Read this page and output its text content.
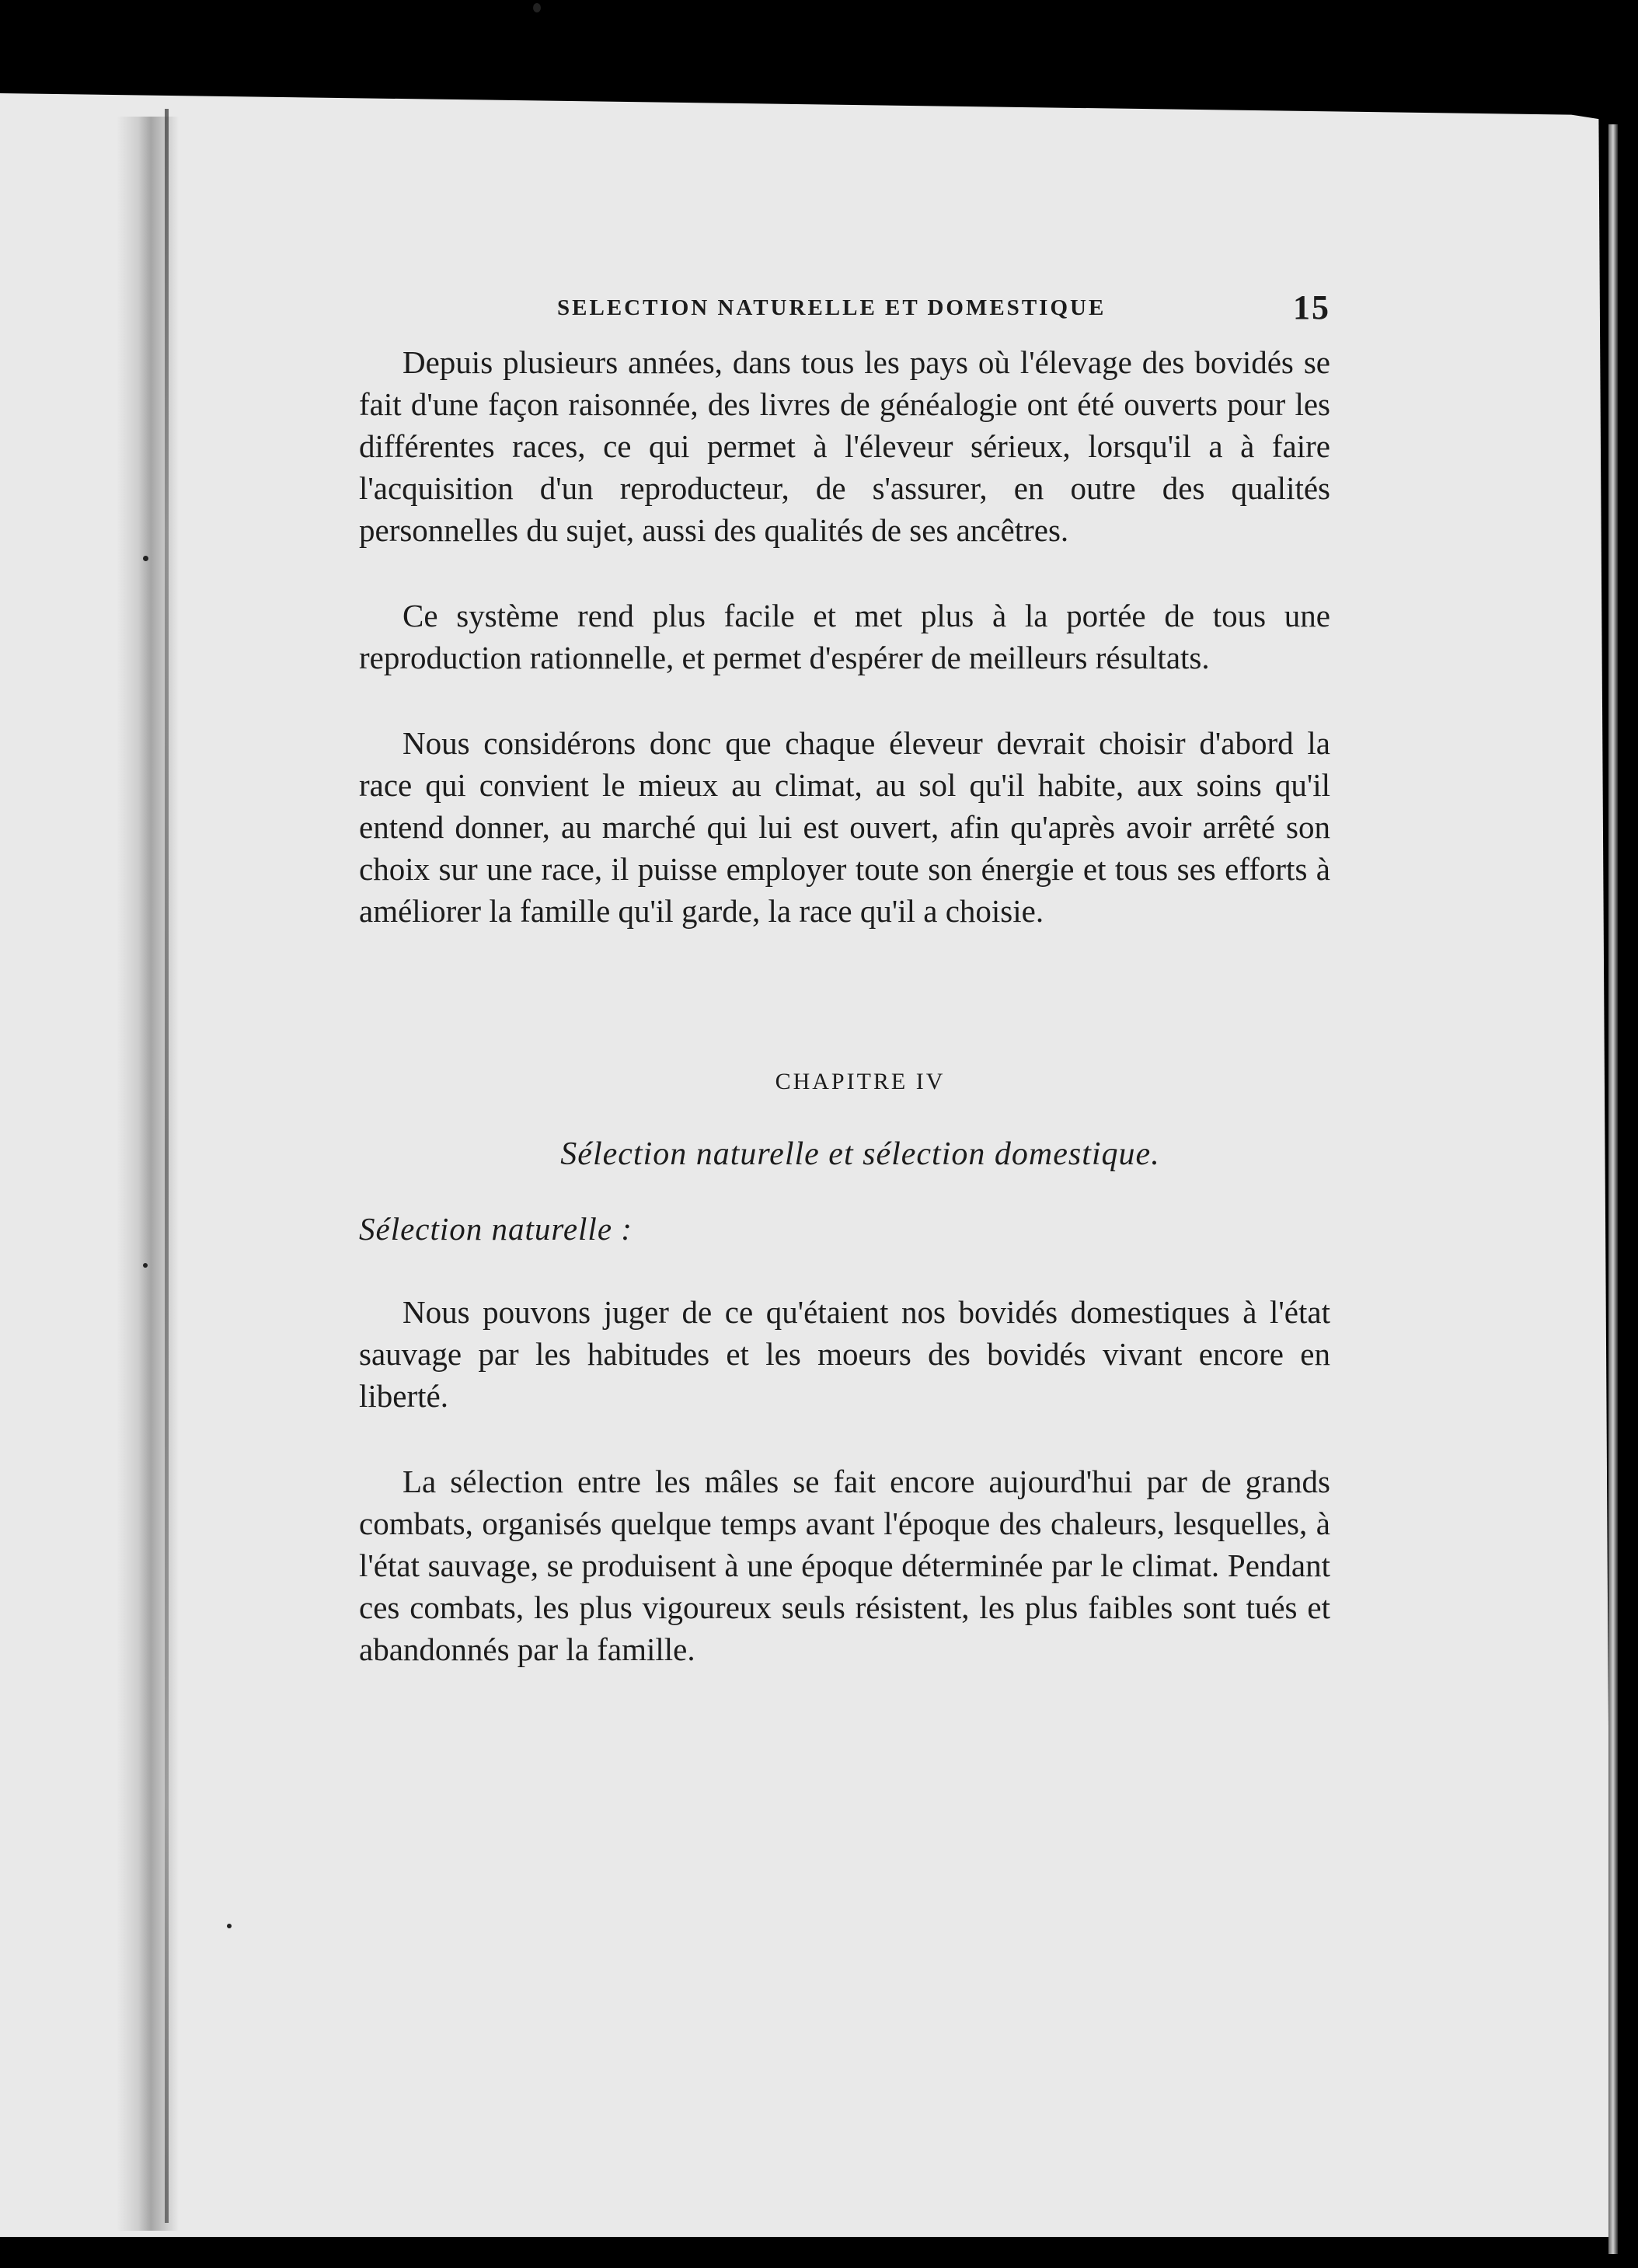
SELECTION NATURELLE ET DOMESTIQUE	15

Depuis plusieurs années, dans tous les pays où l'élevage des bovidés se fait d'une façon raisonnée, des livres de généalogie ont été ouverts pour les différentes races, ce qui permet à l'éleveur sérieux, lorsqu'il a à faire l'acquisition d'un reproducteur, de s'assurer, en outre des qualités personnelles du sujet, aussi des qualités de ses ancêtres.

Ce système rend plus facile et met plus à la portée de tous une reproduction rationnelle, et permet d'espérer de meilleurs résultats.

Nous considérons donc que chaque éleveur devrait choisir d'abord la race qui convient le mieux au climat, au sol qu'il habite, aux soins qu'il entend donner, au marché qui lui est ouvert, afin qu'après avoir arrêté son choix sur une race, il puisse employer toute son énergie et tous ses efforts à améliorer la famille qu'il garde, la race qu'il a choisie.

CHAPITRE IV
Sélection naturelle et sélection domestique.
Sélection naturelle :

Nous pouvons juger de ce qu'étaient nos bovidés domestiques à l'état sauvage par les habitudes et les moeurs des bovidés vivant encore en liberté.

La sélection entre les mâles se fait encore aujourd'hui par de grands combats, organisés quelque temps avant l'époque des chaleurs, lesquelles, à l'état sauvage, se produisent à une époque déterminée par le climat. Pendant ces combats, les plus vigoureux seuls résistent, les plus faibles sont tués et abandonnés par la famille.
